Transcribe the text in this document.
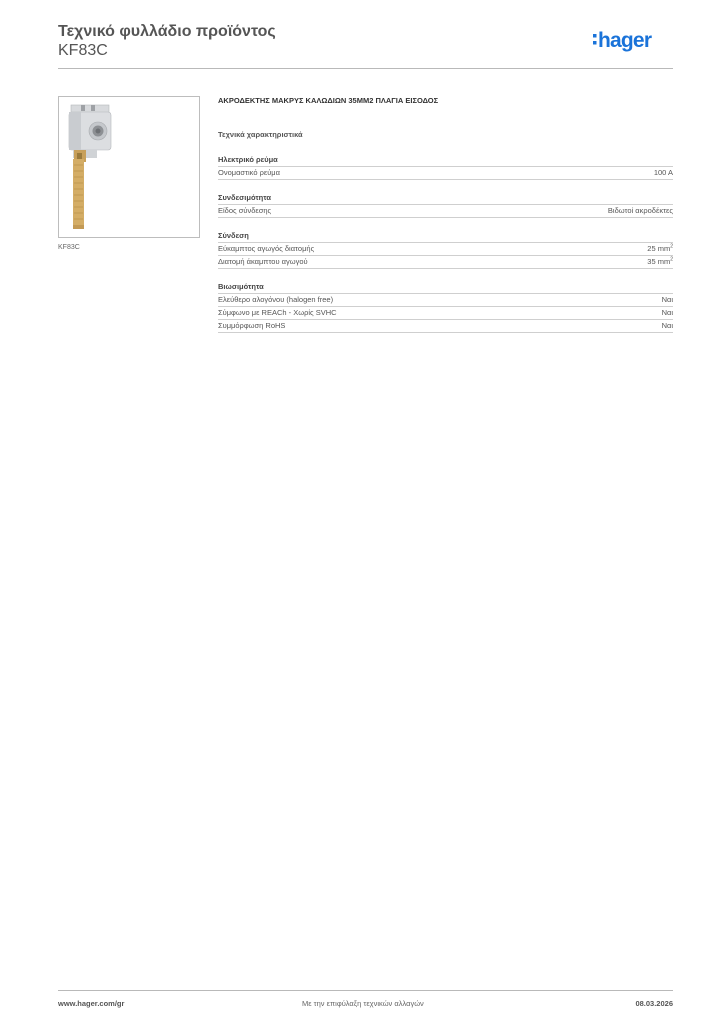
Τεχνικό φυλλάδιο προϊόντος
KF83C	hager
KF83C
ΑΚΡΟΔΕΚΤΗΣ ΜΑΚΡΥΣ ΚΑΛΩΔΙΩΝ 35ΜΜ2 ΠΛΑΓΙΑ ΕΙΣΟΔΟΣ
Τεχνικά χαρακτηριστικά
Ηλεκτρικό ρεύμα
Ονομαστικό ρεύμα	100 A
Συνδεσιμότητα
Είδος σύνδεσης	Βιδωτοί ακροδέκτες
Σύνδεση
Εύκαμπτος αγωγός διατομής	25 $mm^2$
Διατομή άκαμπτου αγωγού	35 $mm^2$
Βιωσιμότητα
Ελεύθερο αλογόνου (halogen free)	Ναι
Σύμφωνο με REACh - Χωρίς SVHC	Ναι
Συμμόρφωση RoHS	Ναι
www.hager.com/gr	Με την επιφύλαξη τεχνικών αλλαγών	08.03.2026
